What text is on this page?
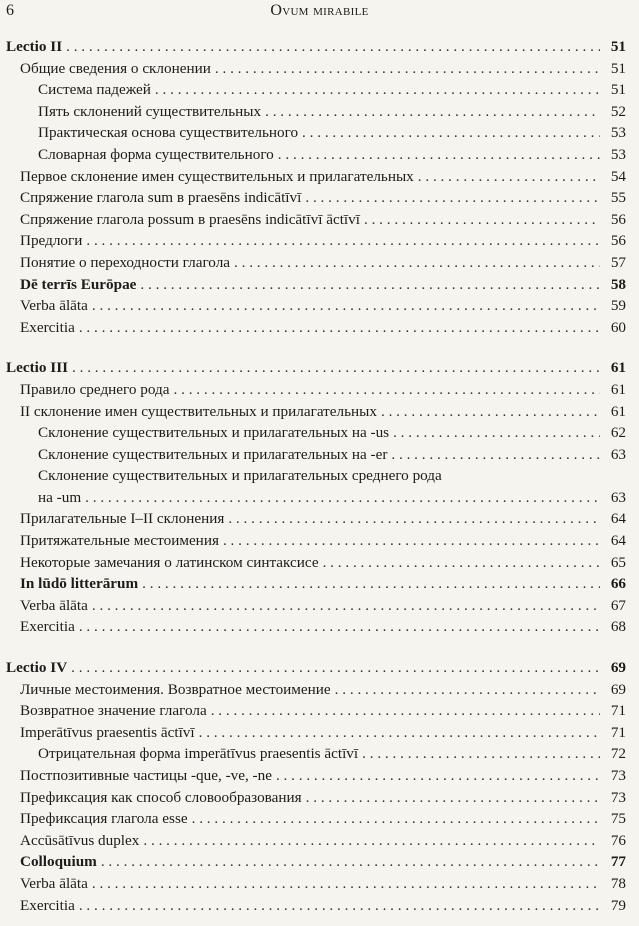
6	Ovum mirabile
Lectio II . . .	51
Общие сведения о склонении . . .	51
Система падежей . . .	51
Пять склонений существительных . . .	52
Практическая основа существительного . . .	53
Словарная форма существительного . . .	53
Первое склонение имен существительных и прилагательных . . .	54
Спряжение глагола sum в praesēns indicātīvī . . .	55
Спряжение глагола possum в praesēns indicātīvī āctīvī . . .	56
Предлоги . . .	56
Понятие о переходности глагола . . .	57
Dē terrīs Eurōpae . . .	58
Verba ālāta . . .	59
Exercitia . . .	60
Lectio III . . .	61
Правило среднего рода . . .	61
II склонение имен существительных и прилагательных . . .	61
Склонение существительных и прилагательных на -us . . .	62
Склонение существительных и прилагательных на -er . . .	63
Склонение существительных и прилагательных среднего рода
на -um . . .	63
Прилагательные I–II склонения . . .	64
Притяжательные местоимения . . .	64
Некоторые замечания о латинском синтаксисе . . .	65
In lūdō litterārum . . .	66
Verba ālāta . . .	67
Exercitia . . .	68
Lectio IV . . .	69
Личные местоимения. Возвратное местоимение . . .	69
Возвратное значение глагола . . .	71
Imperātīvus praesentis āctīvī . . .	71
Отрицательная форма imperātīvus praesentis āctīvī . . .	72
Постпозитивные частицы -que, -ve, -ne . . .	73
Префиксация как способ словообразования . . .	73
Префиксация глагола esse . . .	75
Accūsātīvus duplex . . .	76
Colloquium . . .	77
Verba ālāta . . .	78
Exercitia . . .	79
